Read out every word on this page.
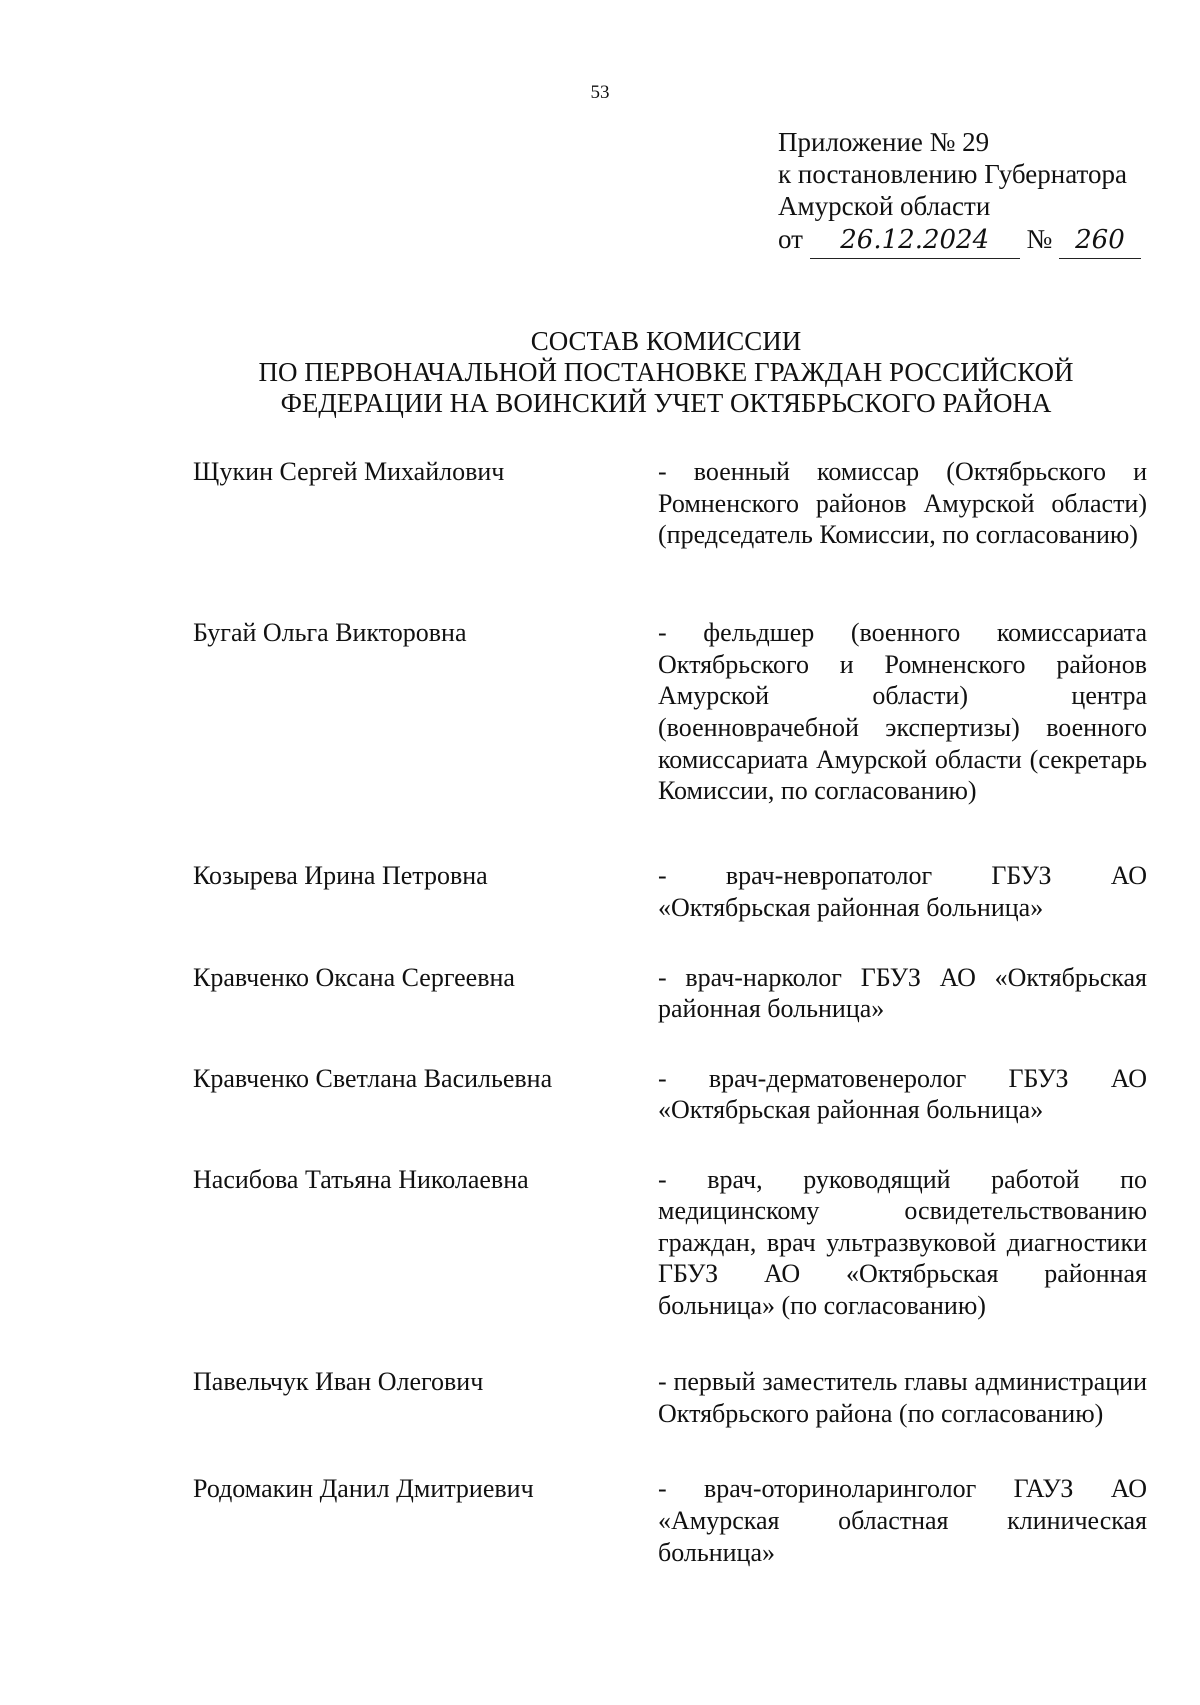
53
Приложение № 29
к постановлению Губернатора
Амурской области
от 26.12.2024 № 260
СОСТАВ КОМИССИИ
ПО ПЕРВОНАЧАЛЬНОЙ ПОСТАНОВКЕ ГРАЖДАН РОССИЙСКОЙ
ФЕДЕРАЦИИ НА ВОИНСКИЙ УЧЕТ ОКТЯБРЬСКОГО РАЙОНА
Щукин Сергей Михайлович	- военный комиссар (Октябрьского и Ромненского районов Амурской области) (председатель Комиссии, по согласованию)
Бугай Ольга Викторовна	- фельдшер (военного комиссариата Октябрьского и Ромненского районов Амурской области) центра (военноврачебной экспертизы) военного комиссариата Амурской области (секретарь Комиссии, по согласованию)
Козырева Ирина Петровна	- врач-невропатолог ГБУЗ АО «Октябрьская районная больница»
Кравченко Оксана Сергеевна	- врач-нарколог ГБУЗ АО «Октябрьская районная больница»
Кравченко Светлана Васильевна	- врач-дерматовенеролог ГБУЗ АО «Октябрьская районная больница»
Насибова Татьяна Николаевна	- врач, руководящий работой по медицинскому освидетельствованию граждан, врач ультразвуковой диагностики ГБУЗ АО «Октябрьская районная больница» (по согласованию)
Павельчук Иван Олегович	- первый заместитель главы администрации Октябрьского района (по согласованию)
Родомакин Данил Дмитриевич	- врач-оториноларинголог ГАУЗ АО «Амурская областная клиническая больница»
